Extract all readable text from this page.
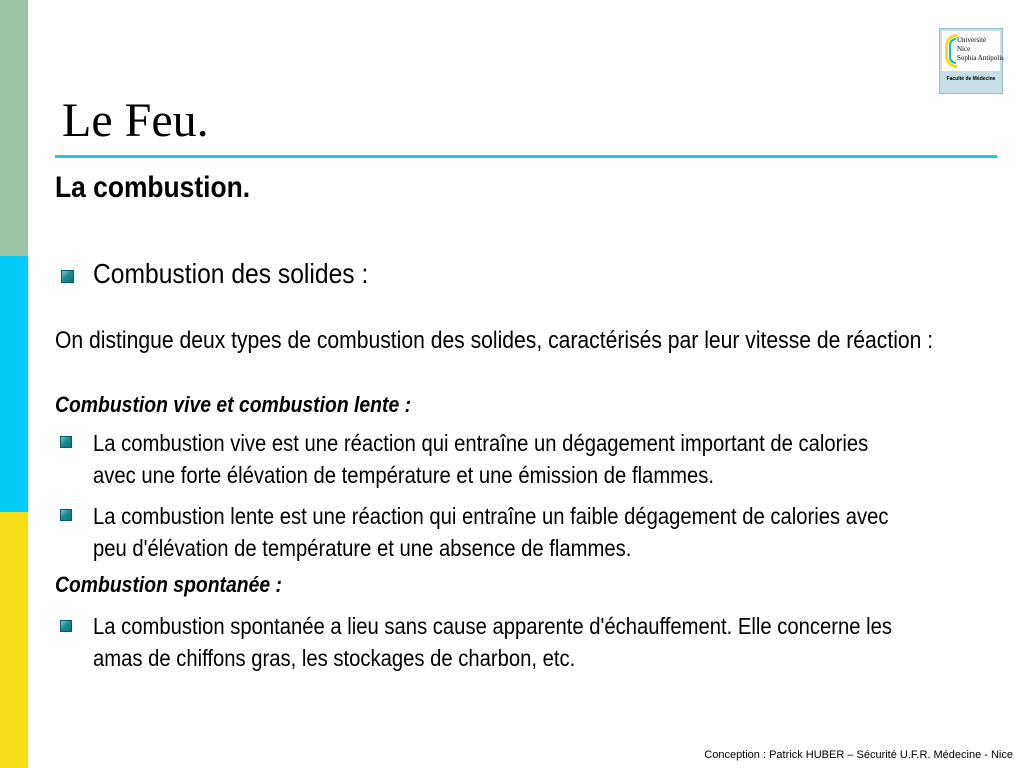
Université
Nice
Sophia Antipolis
Faculté de Médecine
Le Feu.
La combustion.

Combustion des solides :

On distingue deux types de combustion des solides, caractérisés par leur vitesse de réaction :

Combustion vive et combustion lente :

La combustion vive est une réaction qui entraîne un dégagement important de calories
avec une forte élévation de température et une émission de flammes.

La combustion lente est une réaction qui entraîne un faible dégagement de calories avec
peu d'élévation de température et une absence de flammes.

Combustion spontanée :

La combustion spontanée a lieu sans cause apparente d'échauffement. Elle concerne les
amas de chiffons gras, les stockages de charbon, etc.

Conception : Patrick HUBER – Sécurité U.F.R. Médecine - Nice
